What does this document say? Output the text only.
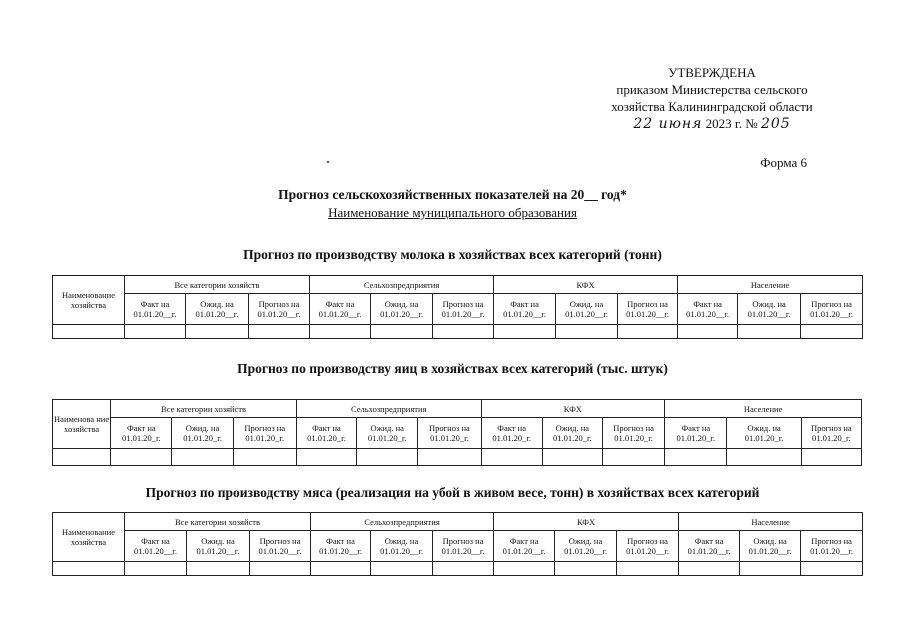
УТВЕРЖДЕНА
приказом Министерства сельского
хозяйства Калининградской области
22 июня 2023 г. № 205
Форма 6
Прогноз сельскохозяйственных показателей на 20__ год*
Наименование муниципального образования
Прогноз по производству молока в хозяйствах всех категорий (тонн)
Наименование хозяйства	Все категории хозяйств			Сельхозпредприятия			КФХ			Население		
	Факт на 01.01.20__г.	Ожид. на 01.01.20__г.	Прогноз на 01.01.20__г.	Факт на 01.01.20__г.	Ожид. на 01.01.20__г.	Прогноз на 01.01.20__г.	Факт на 01.01.20__г.	Ожид. на 01.01.20__г.	Прогноз на 01.01.20__г.	Факт на 01.01.20__г.	Ожид. на 01.01.20__г.	Прогноз на 01.01.20__г.

Прогноз по производству яиц в хозяйствах всех категорий (тыс. штук)
Наименова ние хозяйства	Все категории хозяйств			Сельхозпредприятия			КФХ			Население		
	Факт на 01.01.20_г.	Ожид. на 01.01.20_г.	Прогноз на 01.01.20_г.	Факт на 01.01.20_г.	Ожид. на 01.01.20_г.	Прогноз на 01.01.20_г.	Факт на 01.01.20_г.	Ожид. на 01.01.20_г.	Прогноз на 01.01.20_г.	Факт на 01.01.20_г.	Ожид. на 01.01.20_г.	Прогноз на 01.01.20_г.

Прогноз по производству мяса (реализация на убой в живом весе, тонн) в хозяйствах всех категорий
Наименование хозяйства	Все категории хозяйств			Сельхозпредприятия			КФХ			Население		
	Факт на 01.01.20__г.	Ожид. на 01.01.20__г.	Прогноз на 01.01.20__г.	Факт на 01.01.20__г.	Ожид. на 01.01.20__г.	Прогноз на 01.01.20__г.	Факт на 01.01.20__г.	Ожид. на 01.01.20__г.	Прогноз на 01.01.20__г.	Факт на 01.01.20__г.	Ожид. на 01.01.20__г.	Прогноз на 01.01.20__г.
